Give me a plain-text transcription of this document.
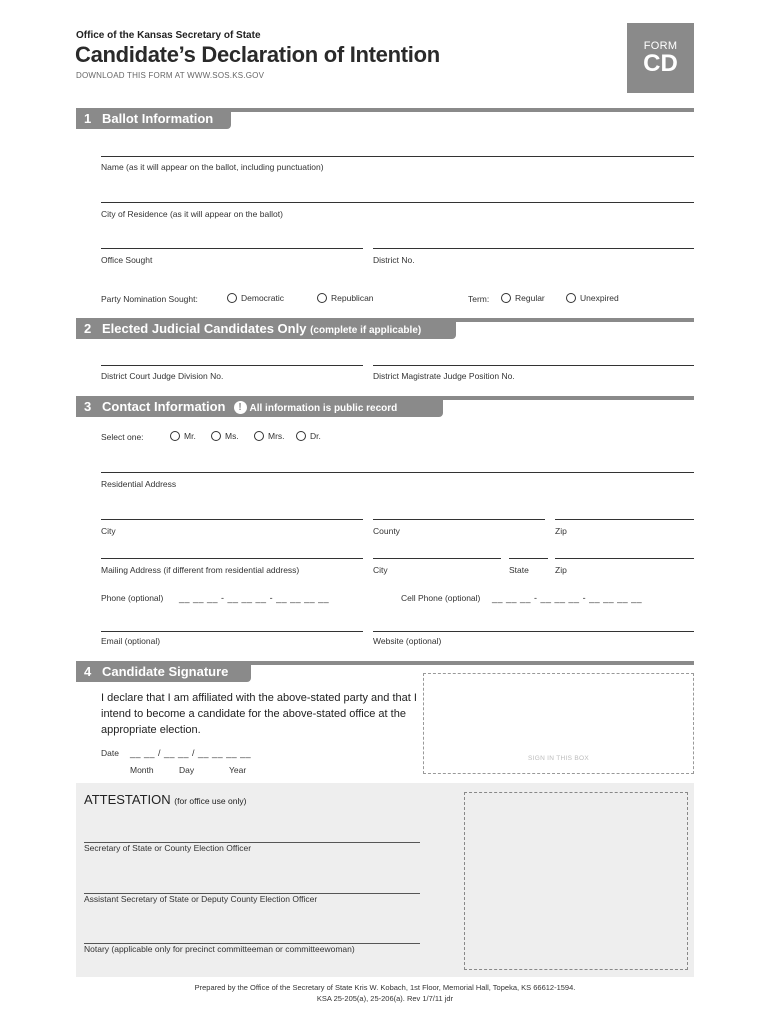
Office of the Kansas Secretary of State
Candidate’s Declaration of Intention
DOWNLOAD THIS FORM AT WWW.SOS.KS.GOV
FORM
CD
1 Ballot Information
Name (as it will appear on the ballot, including punctuation)
City of Residence (as it will appear on the ballot)
Office Sought	District No.
Party Nomination Sought:	Democratic	Republican	Term:	Regular	Unexpired
2 Elected Judicial Candidates Only (complete if applicable)
District Court Judge Division No.	District Magistrate Judge Position No.
3 Contact Information ! All information is public record
Select one:	Mr.	Ms.	Mrs.	Dr.
Residential Address
City	County	Zip
Mailing Address (if different from residential address)	City	State	Zip
Phone (optional) __ __ __ - __ __ __ - __ __ __ __	Cell Phone (optional) __ __ __ - __ __ __ - __ __ __ __
Email (optional)	Website (optional)
4 Candidate Signature
I declare that I am affiliated with the above-stated party and that I intend to become a candidate for the above-stated office at the appropriate election.
Date __ __ / __ __ / __ __ __ __
Month	Day	Year
SIGN IN THIS BOX
ATTESTATION (for office use only)
Secretary of State or County Election Officer
Assistant Secretary of State or Deputy County Election Officer
Notary (applicable only for precinct committeeman or committeewoman)
Prepared by the Office of the Secretary of State Kris W. Kobach, 1st Floor, Memorial Hall, Topeka, KS 66612-1594.
KSA 25-205(a), 25-206(a). Rev 1/7/11 jdr
